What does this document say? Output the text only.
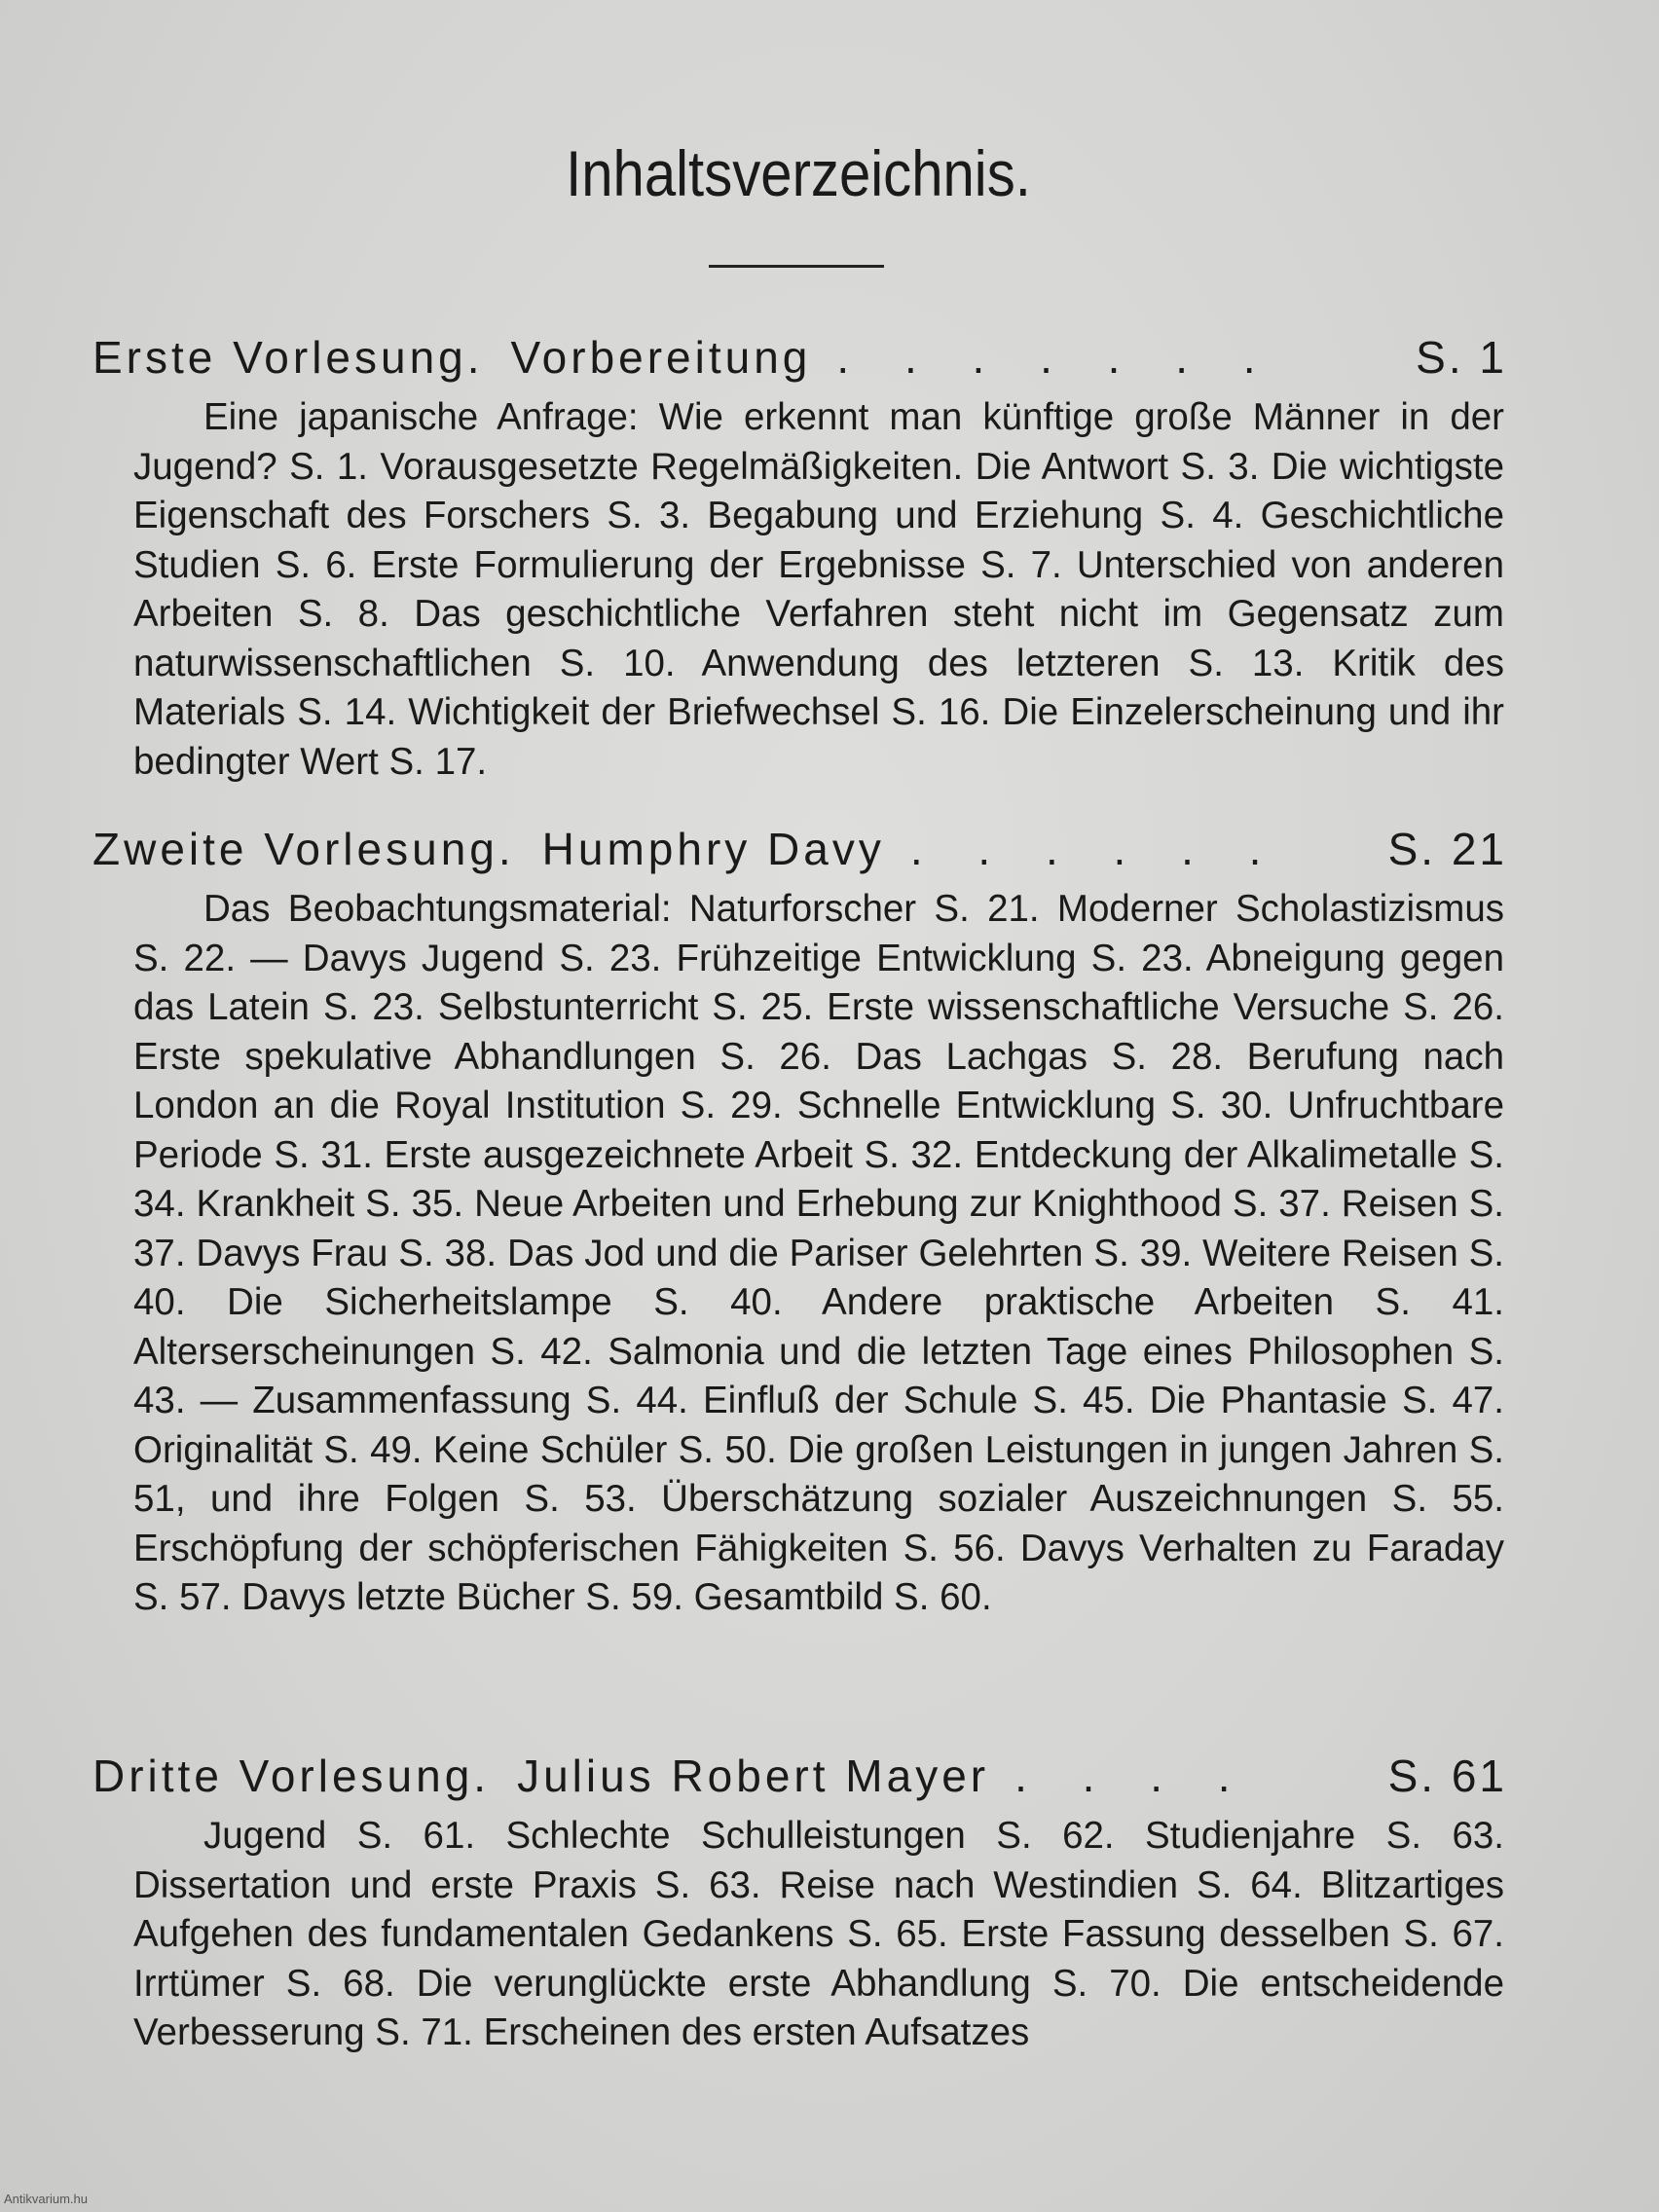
Inhaltsverzeichnis.
Erste Vorlesung. Vorbereitung . . . . . . .	S. 1

Eine japanische Anfrage: Wie erkennt man künftige große Männer in der Jugend? S. 1. Vorausgesetzte Regelmäßigkeiten. Die Antwort S. 3. Die wichtigste Eigenschaft des Forschers S. 3. Begabung und Erziehung S. 4. Geschichtliche Studien S. 6. Erste Formulierung der Ergebnisse S. 7. Unterschied von anderen Arbeiten S. 8. Das geschichtliche Verfahren steht nicht im Gegensatz zum naturwissenschaftlichen S. 10. Anwendung des letzteren S. 13. Kritik des Materials S. 14. Wichtigkeit der Briefwechsel S. 16. Die Einzelerscheinung und ihr bedingter Wert S. 17.

Zweite Vorlesung. Humphry Davy . . . . . .	S. 21

Das Beobachtungsmaterial: Naturforscher S. 21. Moderner Scholastizismus S. 22. — Davys Jugend S. 23. Frühzeitige Entwicklung S. 23. Abneigung gegen das Latein S. 23. Selbstunterricht S. 25. Erste wissenschaftliche Versuche S. 26. Erste spekulative Abhandlungen S. 26. Das Lachgas S. 28. Berufung nach London an die Royal Institution S. 29. Schnelle Entwicklung S. 30. Unfruchtbare Periode S. 31. Erste ausgezeichnete Arbeit S. 32. Entdeckung der Alkalimetalle S. 34. Krankheit S. 35. Neue Arbeiten und Erhebung zur Knighthood S. 37. Reisen S. 37. Davys Frau S. 38. Das Jod und die Pariser Gelehrten S. 39. Weitere Reisen S. 40. Die Sicherheitslampe S. 40. Andere praktische Arbeiten S. 41. Alterserscheinungen S. 42. Salmonia und die letzten Tage eines Philosophen S. 43. — Zusammenfassung S. 44. Einfluß der Schule S. 45. Die Phantasie S. 47. Originalität S. 49. Keine Schüler S. 50. Die großen Leistungen in jungen Jahren S. 51, und ihre Folgen S. 53. Überschätzung sozialer Auszeichnungen S. 55. Erschöpfung der schöpferischen Fähigkeiten S. 56. Davys Verhalten zu Faraday S. 57. Davys letzte Bücher S. 59. Gesamtbild S. 60.

Dritte Vorlesung. Julius Robert Mayer . . . .	S. 61

Jugend S. 61. Schlechte Schulleistungen S. 62. Studienjahre S. 63. Dissertation und erste Praxis S. 63. Reise nach Westindien S. 64. Blitzartiges Aufgehen des fundamentalen Gedankens S. 65. Erste Fassung desselben S. 67. Irrtümer S. 68. Die verunglückte erste Abhandlung S. 70. Die entscheidende Verbesserung S. 71. Erscheinen des ersten Aufsatzes

Antikvarium.hu
